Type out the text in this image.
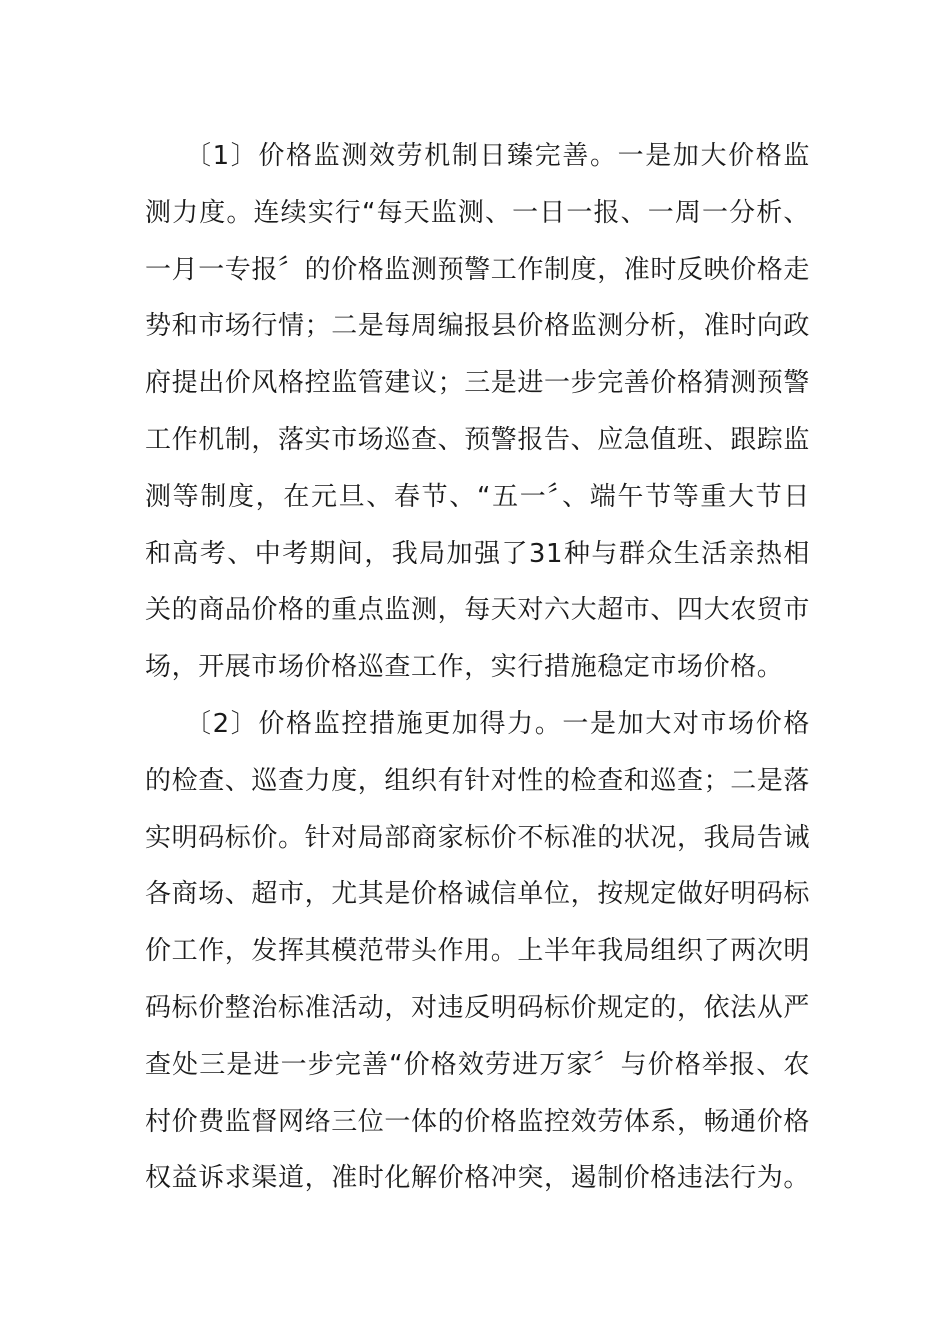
〔1〕价格监测效劳机制日臻完善。一是加大价格监测力度。连续实行“每天监测、一日一报、一周一分析、一月一专报〞的价格监测预警工作制度，准时反映价格走势和市场行情；二是每周编报县价格监测分析，准时向政府提出价风格控监管建议；三是进一步完善价格猜测预警工作机制，落实市场巡查、预警报告、应急值班、跟踪监测等制度，在元旦、春节、“五一〞、端午节等重大节日和高考、中考期间，我局加强了31种与群众生活亲热相关的商品价格的重点监测，每天对六大超市、四大农贸市场，开展市场价格巡查工作，实行措施稳定市场价格。

〔2〕价格监控措施更加得力。一是加大对市场价格的检查、巡查力度，组织有针对性的检查和巡查；二是落实明码标价。针对局部商家标价不标准的状况，我局告诫各商场、超市，尤其是价格诚信单位，按规定做好明码标价工作，发挥其模范带头作用。上半年我局组织了两次明码标价整治标准活动，对违反明码标价规定的，依法从严查处三是进一步完善“价格效劳进万家〞与价格举报、农村价费监督网络三位一体的价格监控效劳体系，畅通价格权益诉求渠道，准时化解价格冲突，遏制价格违法行为。
